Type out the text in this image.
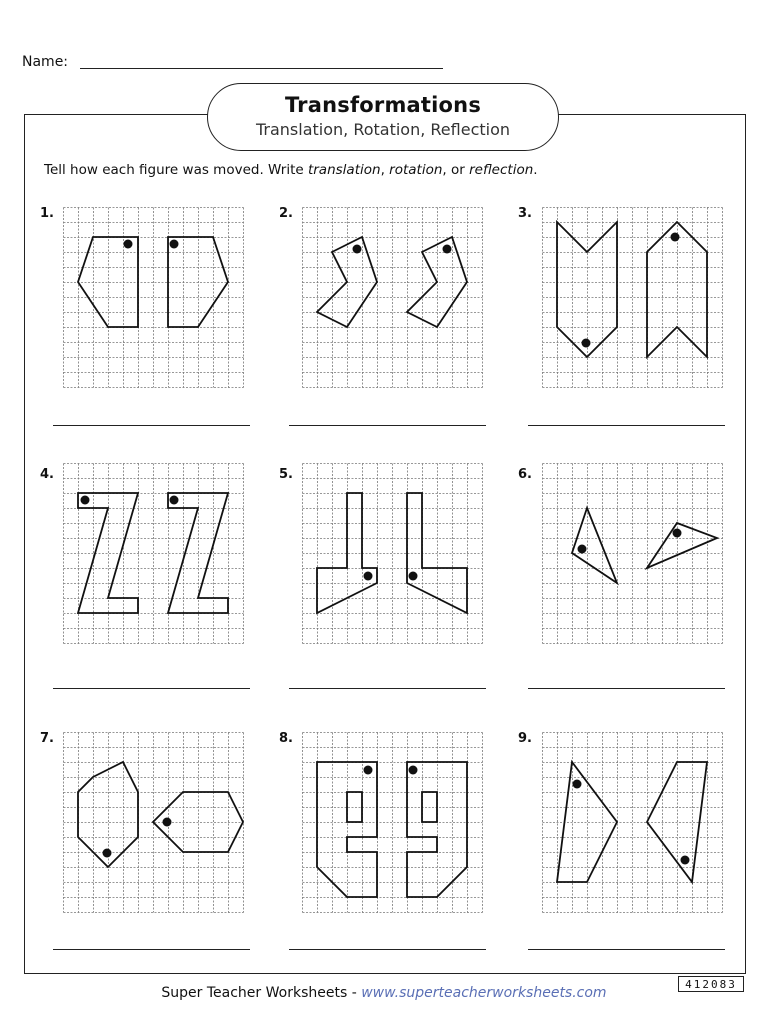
Name:
Transformations
Translation, Rotation, Reflection
Tell how each figure was moved. Write translation, rotation, or reflection.
1.	2.	3.
4.	5.	6.
7.	8.	9.
Super Teacher Worksheets - www.superteacherworksheets.com
412083
